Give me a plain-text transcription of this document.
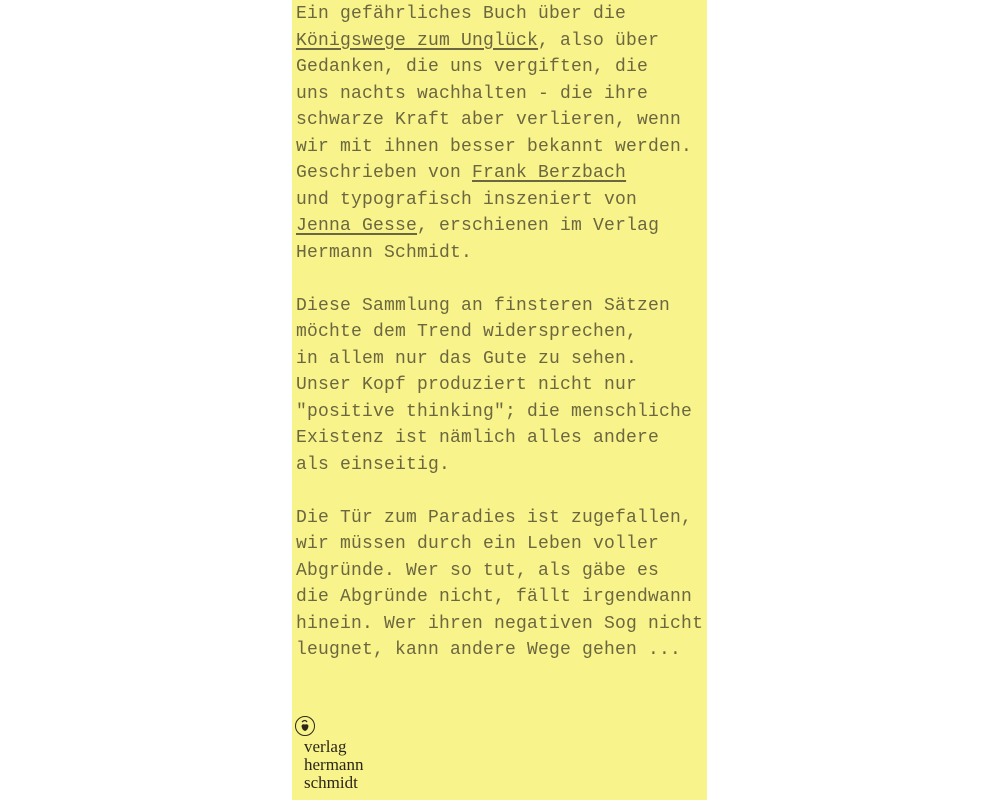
Ein gefährliches Buch über die
Königswege zum Unglück, also über
Gedanken, die uns vergiften, die
uns nachts wachhalten - die ihre
schwarze Kraft aber verlieren, wenn
wir mit ihnen besser bekannt werden.
Geschrieben von Frank Berzbach
und typografisch inszeniert von
Jenna Gesse, erschienen im Verlag
Hermann Schmidt.
Diese Sammlung an finsteren Sätzen
möchte dem Trend widersprechen,
in allem nur das Gute zu sehen.
Unser Kopf produziert nicht nur
"positive thinking"; die menschliche
Existenz ist nämlich alles andere
als einseitig.
Die Tür zum Paradies ist zugefallen,
wir müssen durch ein Leben voller
Abgründe. Wer so tut, als gäbe es
die Abgründe nicht, fällt irgendwann
hinein. Wer ihren negativen Sog nicht
leugnet, kann andere Wege gehen ...
verlag
hermann
schmidt
